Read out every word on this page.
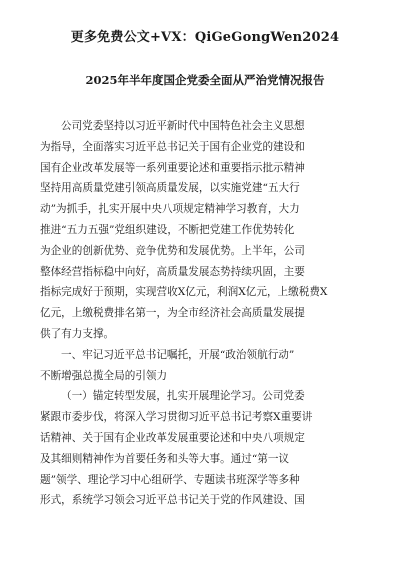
更多免费公文+VX：QiGeGongWen2024
2025年半年度国企党委全面从严治党情况报告
公司党委坚持以习近平新时代中国特色社会主义思想
为指导，全面落实习近平总书记关于国有企业党的建设和
国有企业改革发展等一系列重要论述和重要指示批示精神
坚持用高质量党建引领高质量发展，以实施党建“五大行
动”为抓手，扎实开展中央八项规定精神学习教育，大力
推进“五力五强”党组织建设，不断把党建工作优势转化
为企业的创新优势、竞争优势和发展优势。上半年，公司
整体经营指标稳中向好，高质量发展态势持续巩固，主要
指标完成好于预期，实现营收X亿元，利润X亿元，上缴税费X
亿元，上缴税费排名第一，为全市经济社会高质量发展提
供了有力支撑。
一、牢记习近平总书记嘱托，开展“政治领航行动”
不断增强总揽全局的引领力
（一）锚定转型发展，扎实开展理论学习。公司党委
紧跟市委步伐，将深入学习贯彻习近平总书记考察X重要讲
话精神、关于国有企业改革发展重要论述和中央八项规定
及其细则精神作为首要任务和头等大事。通过“第一议
题”领学、理论学习中心组研学、专题读书班深学等多种
形式，系统学习领会习近平总书记关于党的作风建设、国
